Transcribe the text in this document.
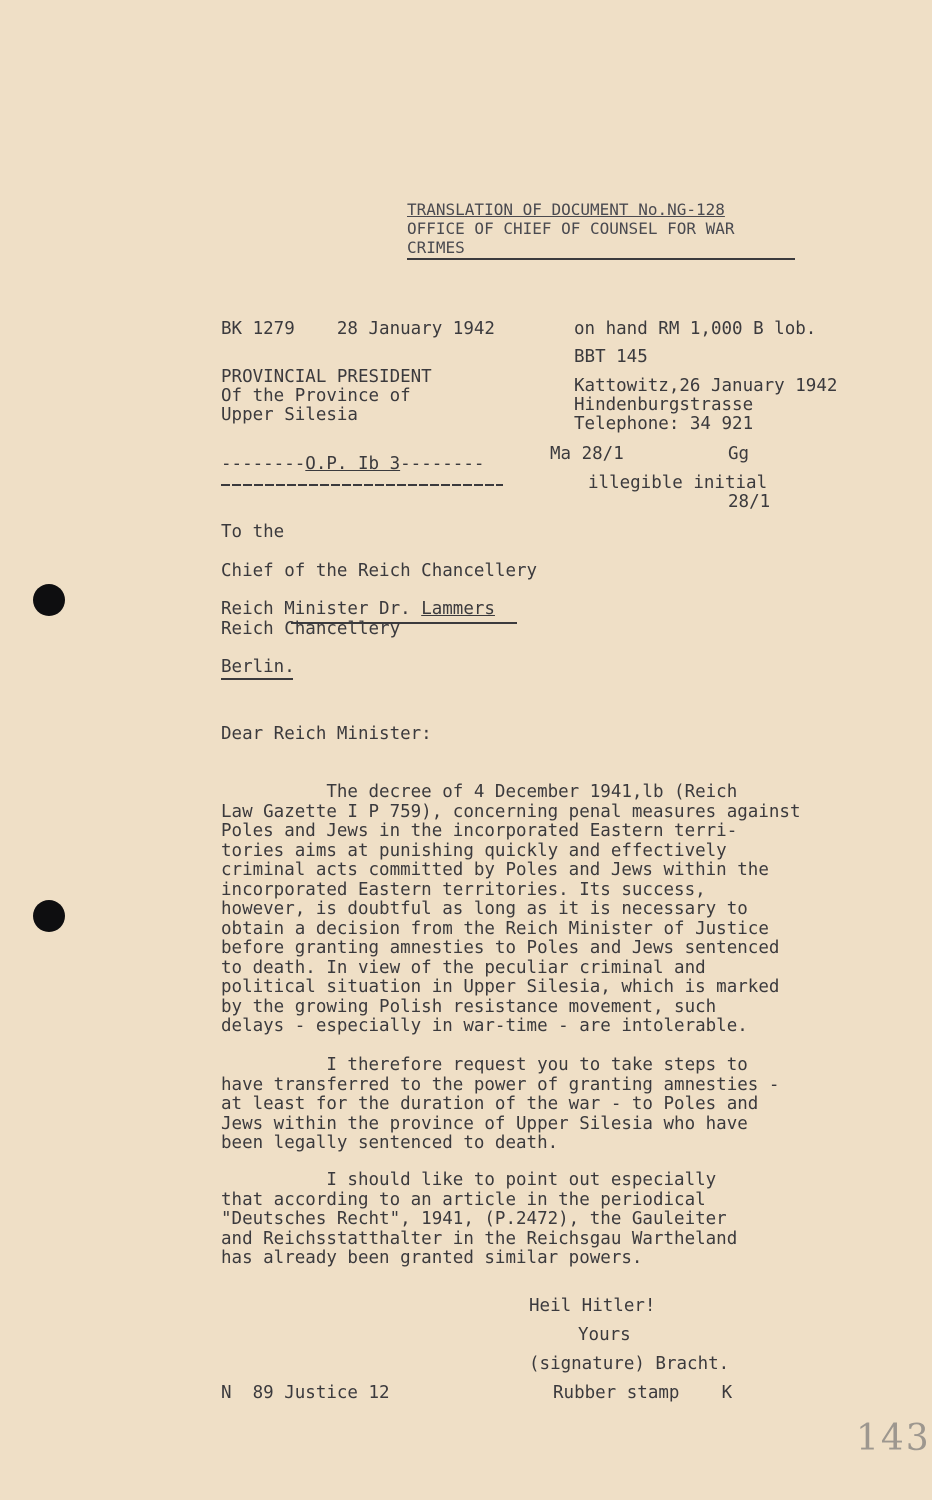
TRANSLATION OF DOCUMENT No.NG-128
OFFICE OF CHIEF OF COUNSEL FOR WAR
CRIMES
BK 1279    28 January 1942	on hand RM 1,000 B lob.
BBT 145
PROVINCIAL PRESIDENT
Of the Province of
Upper Silesia
Kattowitz,26 January 1942
Hindenburgstrasse
Telephone: 34 921
--------O.P. Ib 3--------	Ma 28/1	Gg
illegible initial
28/1
To the
Chief of the Reich Chancellery
Reich Minister Dr. Lammers
Reich Chancellery
Berlin.
Dear Reich Minister:
The decree of 4 December 1941,lb (Reich
Law Gazette I P 759), concerning penal measures against
Poles and Jews in the incorporated Eastern terri-
tories aims at punishing quickly and effectively
criminal acts committed by Poles and Jews within the
incorporated Eastern territories. Its success,
however, is doubtful as long as it is necessary to
obtain a decision from the Reich Minister of Justice
before granting amnesties to Poles and Jews sentenced
to death. In view of the peculiar criminal and
political situation in Upper Silesia, which is marked
by the growing Polish resistance movement, such
delays - especially in war-time - are intolerable.
I therefore request you to take steps to
have transferred to the power of granting amnesties -
at least for the duration of the war - to Poles and
Jews within the province of Upper Silesia who have
been legally sentenced to death.
I should like to point out especially
that according to an article in the periodical
"Deutsches Recht", 1941, (P.2472), the Gauleiter
and Reichsstatthalter in the Reichsgau Wartheland
has already been granted similar powers.
Heil Hitler!
Yours
(signature) Bracht.
N  89 Justice 12	Rubber stamp    K
143
